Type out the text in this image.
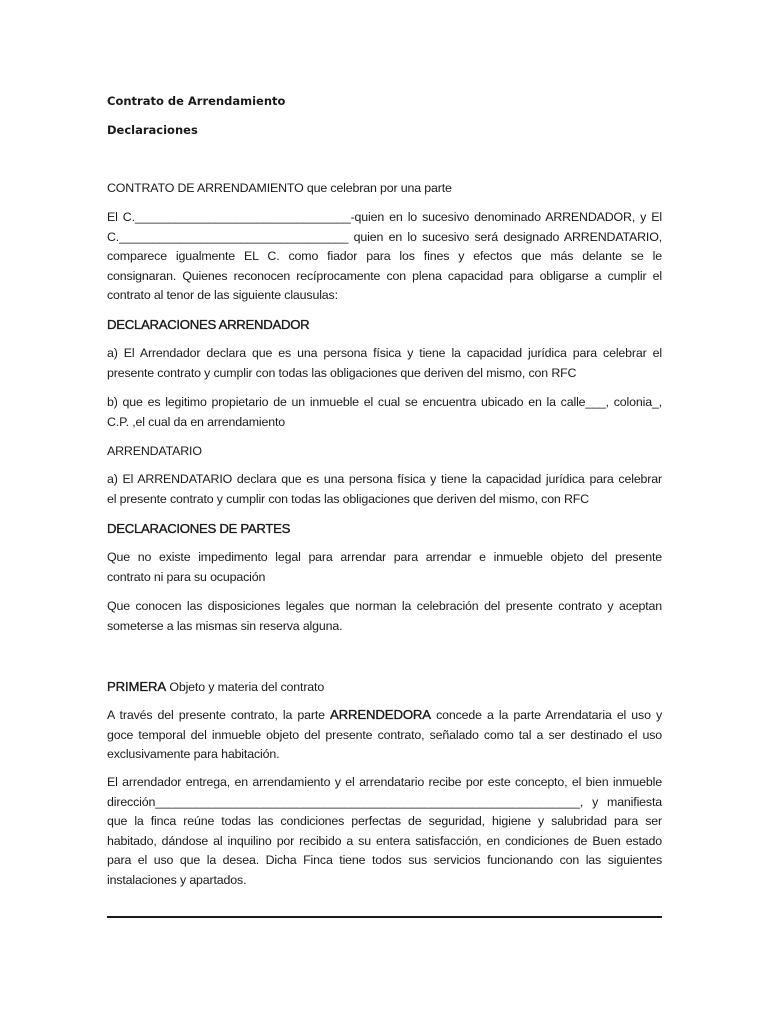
Contrato de Arrendamiento
Declaraciones

CONTRATO DE ARRENDAMIENTO que celebran por una parte

El C.________________________________-quien en lo sucesivo denominado ARRENDADOR, y El
C.__________________________________ quien en lo sucesivo será designado ARRENDATARIO,
comparece igualmente EL C. como fiador para los fines y efectos que más delante se le
consignaran. Quienes reconocen recíprocamente con plena capacidad para obligarse a cumplir el
contrato al tenor de las siguiente clausulas:
DECLARACIONES ARRENDADOR
a) El Arrendador declara que es una persona física y tiene la capacidad jurídica para celebrar el
presente contrato y cumplir con todas las obligaciones que deriven del mismo, con RFC
b) que es legitimo propietario de un inmueble el cual se encuentra ubicado en la calle___, colonia_,
C.P. ,el cual da en arrendamiento

ARRENDATARIO

a) El ARRENDATARIO declara que es una persona física y tiene la capacidad jurídica para celebrar
el presente contrato y cumplir con todas las obligaciones que deriven del mismo, con RFC
DECLARACIONES DE PARTES
Que no existe impedimento legal para arrendar para arrendar e inmueble objeto del presente
contrato ni para su ocupación
Que conocen las disposiciones legales que norman la celebración del presente contrato y aceptan
someterse a las mismas sin reserva alguna.

PRIMERA Objeto y materia del contrato

A través del presente contrato, la parte ARRENDEDORA concede a la parte Arrendataria el uso y
goce temporal del inmueble objeto del presente contrato, señalado como tal a ser destinado el uso
exclusivamente para habitación.
El arrendador entrega, en arrendamiento y el arrendatario recibe por este concepto, el bien inmueble
dirección_______________________________________________________________, y manifiesta
que la finca reúne todas las condiciones perfectas de seguridad, higiene y salubridad para ser
habitado, dándose al inquilino por recibido a su entera satisfacción, en condiciones de Buen estado
para el uso que la desea. Dicha Finca tiene todos sus servicios funcionando con las siguientes
instalaciones y apartados.
